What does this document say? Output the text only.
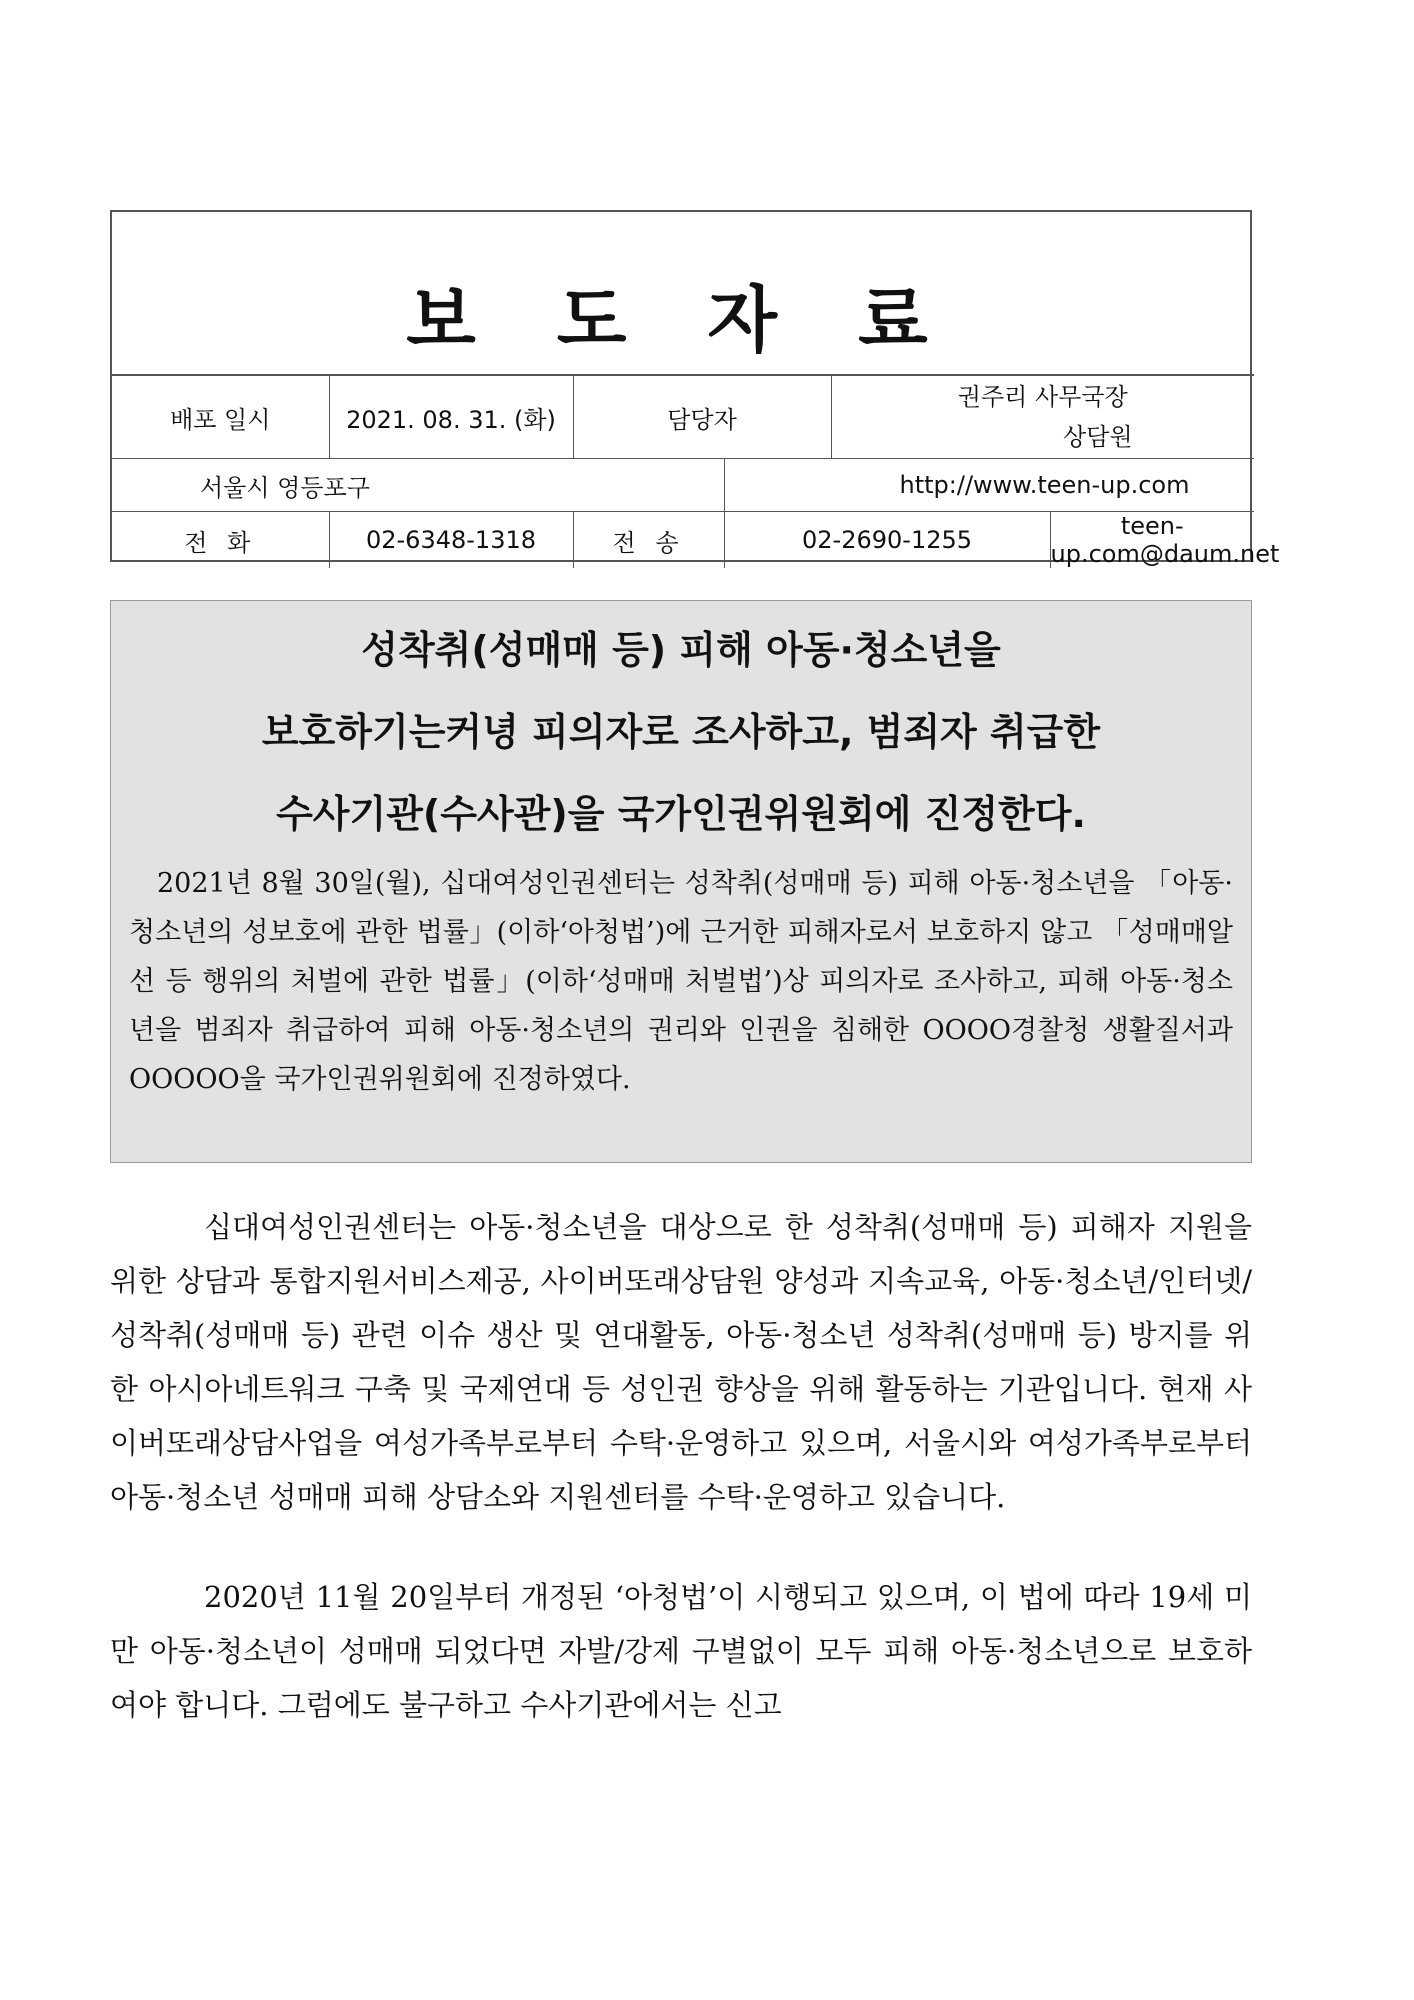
보 도 자 료
배포 일시	2021. 08. 31. (화)	담당자		권주리 사무국장
상담원	

서울시 영등포구			http://www.teen-up.com		
전 화	02-6348-1318	전 송	02-2690-1255		teen-up.com@daum.net

성착취(성매매 등) 피해 아동·청소년을

보호하기는커녕 피의자로 조사하고, 범죄자 취급한

수사기관(수사관)을 국가인권위원회에 진정한다.

2021년 8월 30일(월), 십대여성인권센터는 성착취(성매매 등) 피해 아동·청소년을 「아동·청소년의 성보호에 관한 법률」(이하‘아청법’)에 근거한 피해자로서 보호하지 않고 「성매매알선 등 행위의 처벌에 관한 법률」(이하‘성매매 처벌법’)상 피의자로 조사하고, 피해 아동·청소년을 범죄자 취급하여 피해 아동·청소년의 권리와 인권을 침해한 OOOO경찰청 생활질서과 OOOOO을 국가인권위원회에 진정하였다.

십대여성인권센터는 아동·청소년을 대상으로 한 성착취(성매매 등) 피해자 지원을 위한 상담과 통합지원서비스제공, 사이버또래상담원 양성과 지속교육, 아동·청소년/인터넷/성착취(성매매 등) 관련 이슈 생산 및 연대활동, 아동·청소년 성착취(성매매 등) 방지를 위한 아시아네트워크 구축 및 국제연대 등 성인권 향상을 위해 활동하는 기관입니다. 현재 사이버또래상담사업을 여성가족부로부터 수탁·운영하고 있으며, 서울시와 여성가족부로부터 아동·청소년 성매매 피해 상담소와 지원센터를 수탁·운영하고 있습니다.

2020년 11월 20일부터 개정된 ‘아청법’이 시행되고 있으며, 이 법에 따라 19세 미만 아동·청소년이 성매매 되었다면 자발/강제 구별없이 모두 피해 아동·청소년으로 보호하여야 합니다. 그럼에도 불구하고 수사기관에서는 신고
